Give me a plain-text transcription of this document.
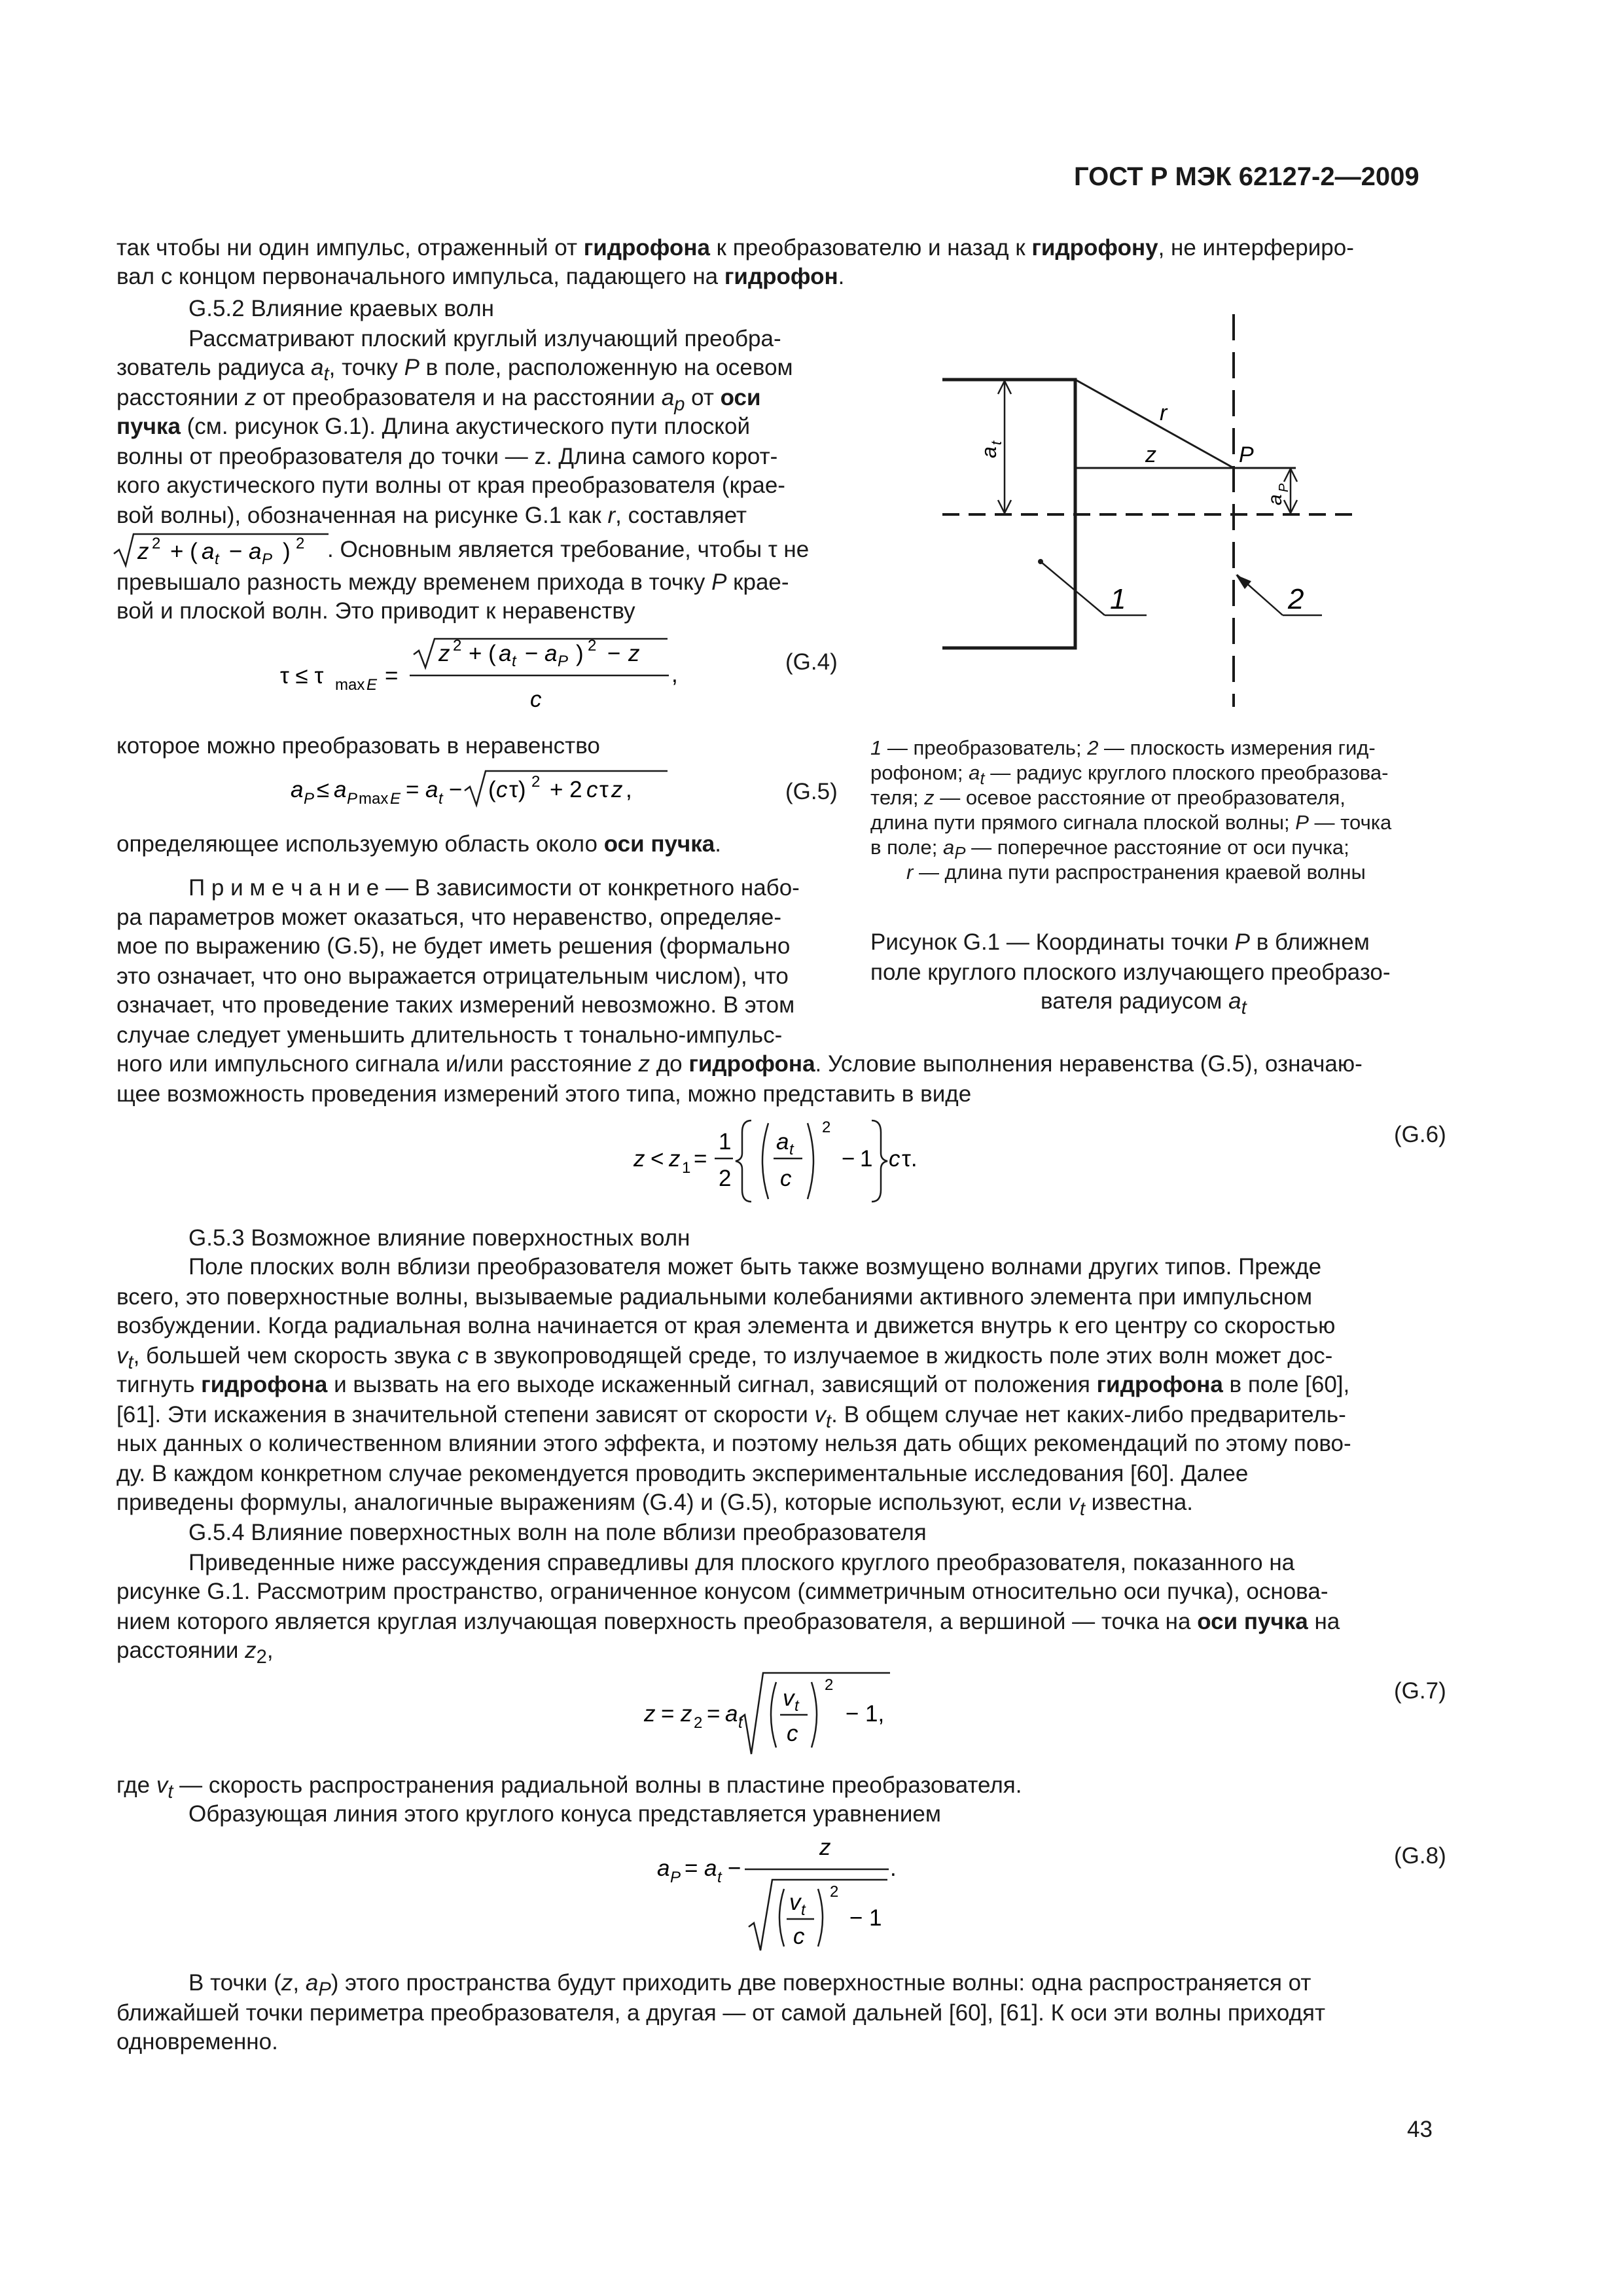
ГОСТ Р МЭК 62127-2—2009
так чтобы ни один импульс, отраженный от гидрофона к преобразователю и назад к гидрофону, не интерфериро-
вал с концом первоначального импульса, падающего на гидрофон.
G.5.2 Влияние краевых волн
Рассматривают плоский круглый излучающий преобра-
зователь радиуса $a_t$, точку P в поле, расположенную на осевом
расстоянии z от преобразователя и на расстоянии $a_p$ от оси
пучка (см. рисунок G.1). Длина акустического пути плоской
волны от преобразователя до точки — z. Длина самого корот-
кого акустического пути волны от края преобразователя (крае-
вой волны), обозначенная на рисунке G.1 как r, составляет
z 2 + ( a t − a P ) 2 . Основным является требование, чтобы τ не
превышало разность между временем прихода в точку P крае-
вой и плоской волн. Это приводит к неравенству
τ ≤ τ max E =
z 2 + ( a t − a P ) 2 − z
c
,	(G.4)
которое можно преобразовать в неравенство
a P ≤ a P max E = a t − ( c τ) 2 + 2 c τ z ,	(G.5)
определяющее используемую область около оси пучка.
П р и м е ч а н и е — В зависимости от конкретного набо-
ра параметров может оказаться, что неравенство, определяе-
мое по выражению (G.5), не будет иметь решения (формально
это означает, что оно выражается отрицательным числом), что
означает, что проведение таких измерений невозможно. В этом
случае следует уменьшить длительность τ тонально-импульс-
ного или импульсного сигнала и/или расстояние z до гидрофона. Условие выполнения неравенства (G.5), означаю-
щее возможность проведения измерений этого типа, можно представить в виде
a
t
a
P
r
z	P
1	2
1 — преобразователь; 2 — плоскость измерения гид-
рофоном; $a_t$ — радиус круглого плоского преобразова-
теля; z — осевое расстояние от преобразователя,
длина пути прямого сигнала плоской волны; P — точка
в поле; $a_P$ — поперечное расстояние от оси пучка;
r — длина пути распространения краевой волны
Рисунок G.1 — Координаты точки P в ближнем
поле круглого плоского излучающего преобразо-
вателя радиусом $a_t$
z < z 1 =
1
2
a t
c
2
− 1 c τ.
(G.6)
G.5.3 Возможное влияние поверхностных волн
Поле плоских волн вблизи преобразователя может быть также возмущено волнами других типов. Прежде
всего, это поверхностные волны, вызываемые радиальными колебаниями активного элемента при импульсном
возбуждении. Когда радиальная волна начинается от края элемента и движется внутрь к его центру со скоростью
$v_t$, большей чем скорость звука c в звукопроводящей среде, то излучаемое в жидкость поле этих волн может дос-
тигнуть гидрофона и вызвать на его выходе искаженный сигнал, зависящий от положения гидрофона в поле [60],
[61]. Эти искажения в значительной степени зависят от скорости $v_t$. В общем случае нет каких-либо предваритель-
ных данных о количественном влиянии этого эффекта, и поэтому нельзя дать общих рекомендаций по этому пово-
ду. В каждом конкретном случае рекомендуется проводить экспериментальные исследования [60]. Далее
приведены формулы, аналогичные выражениям (G.4) и (G.5), которые используют, если $v_t$ известна.
G.5.4 Влияние поверхностных волн на поле вблизи преобразователя
Приведенные ниже рассуждения справедливы для плоского круглого преобразователя, показанного на
рисунке G.1. Рассмотрим пространство, ограниченное конусом (симметричным относительно оси пучка), основа-
нием которого является круглая излучающая поверхность преобразователя, а вершиной — точка на оси пучка на
расстоянии $z_2$,
z = z 2 = a t
v t
c
2
− 1,
(G.7)
где $v_t$ — скорость распространения радиальной волны в пластине преобразователя.
Образующая линия этого круглого конуса представляется уравнением
a P = a t −
z
.
v t
c
2
− 1
(G.8)
В точки (z, $a_P$) этого пространства будут приходить две поверхностные волны: одна распространяется от
ближайшей точки периметра преобразователя, а другая — от самой дальней [60], [61]. К оси эти волны приходят
одновременно.
43
